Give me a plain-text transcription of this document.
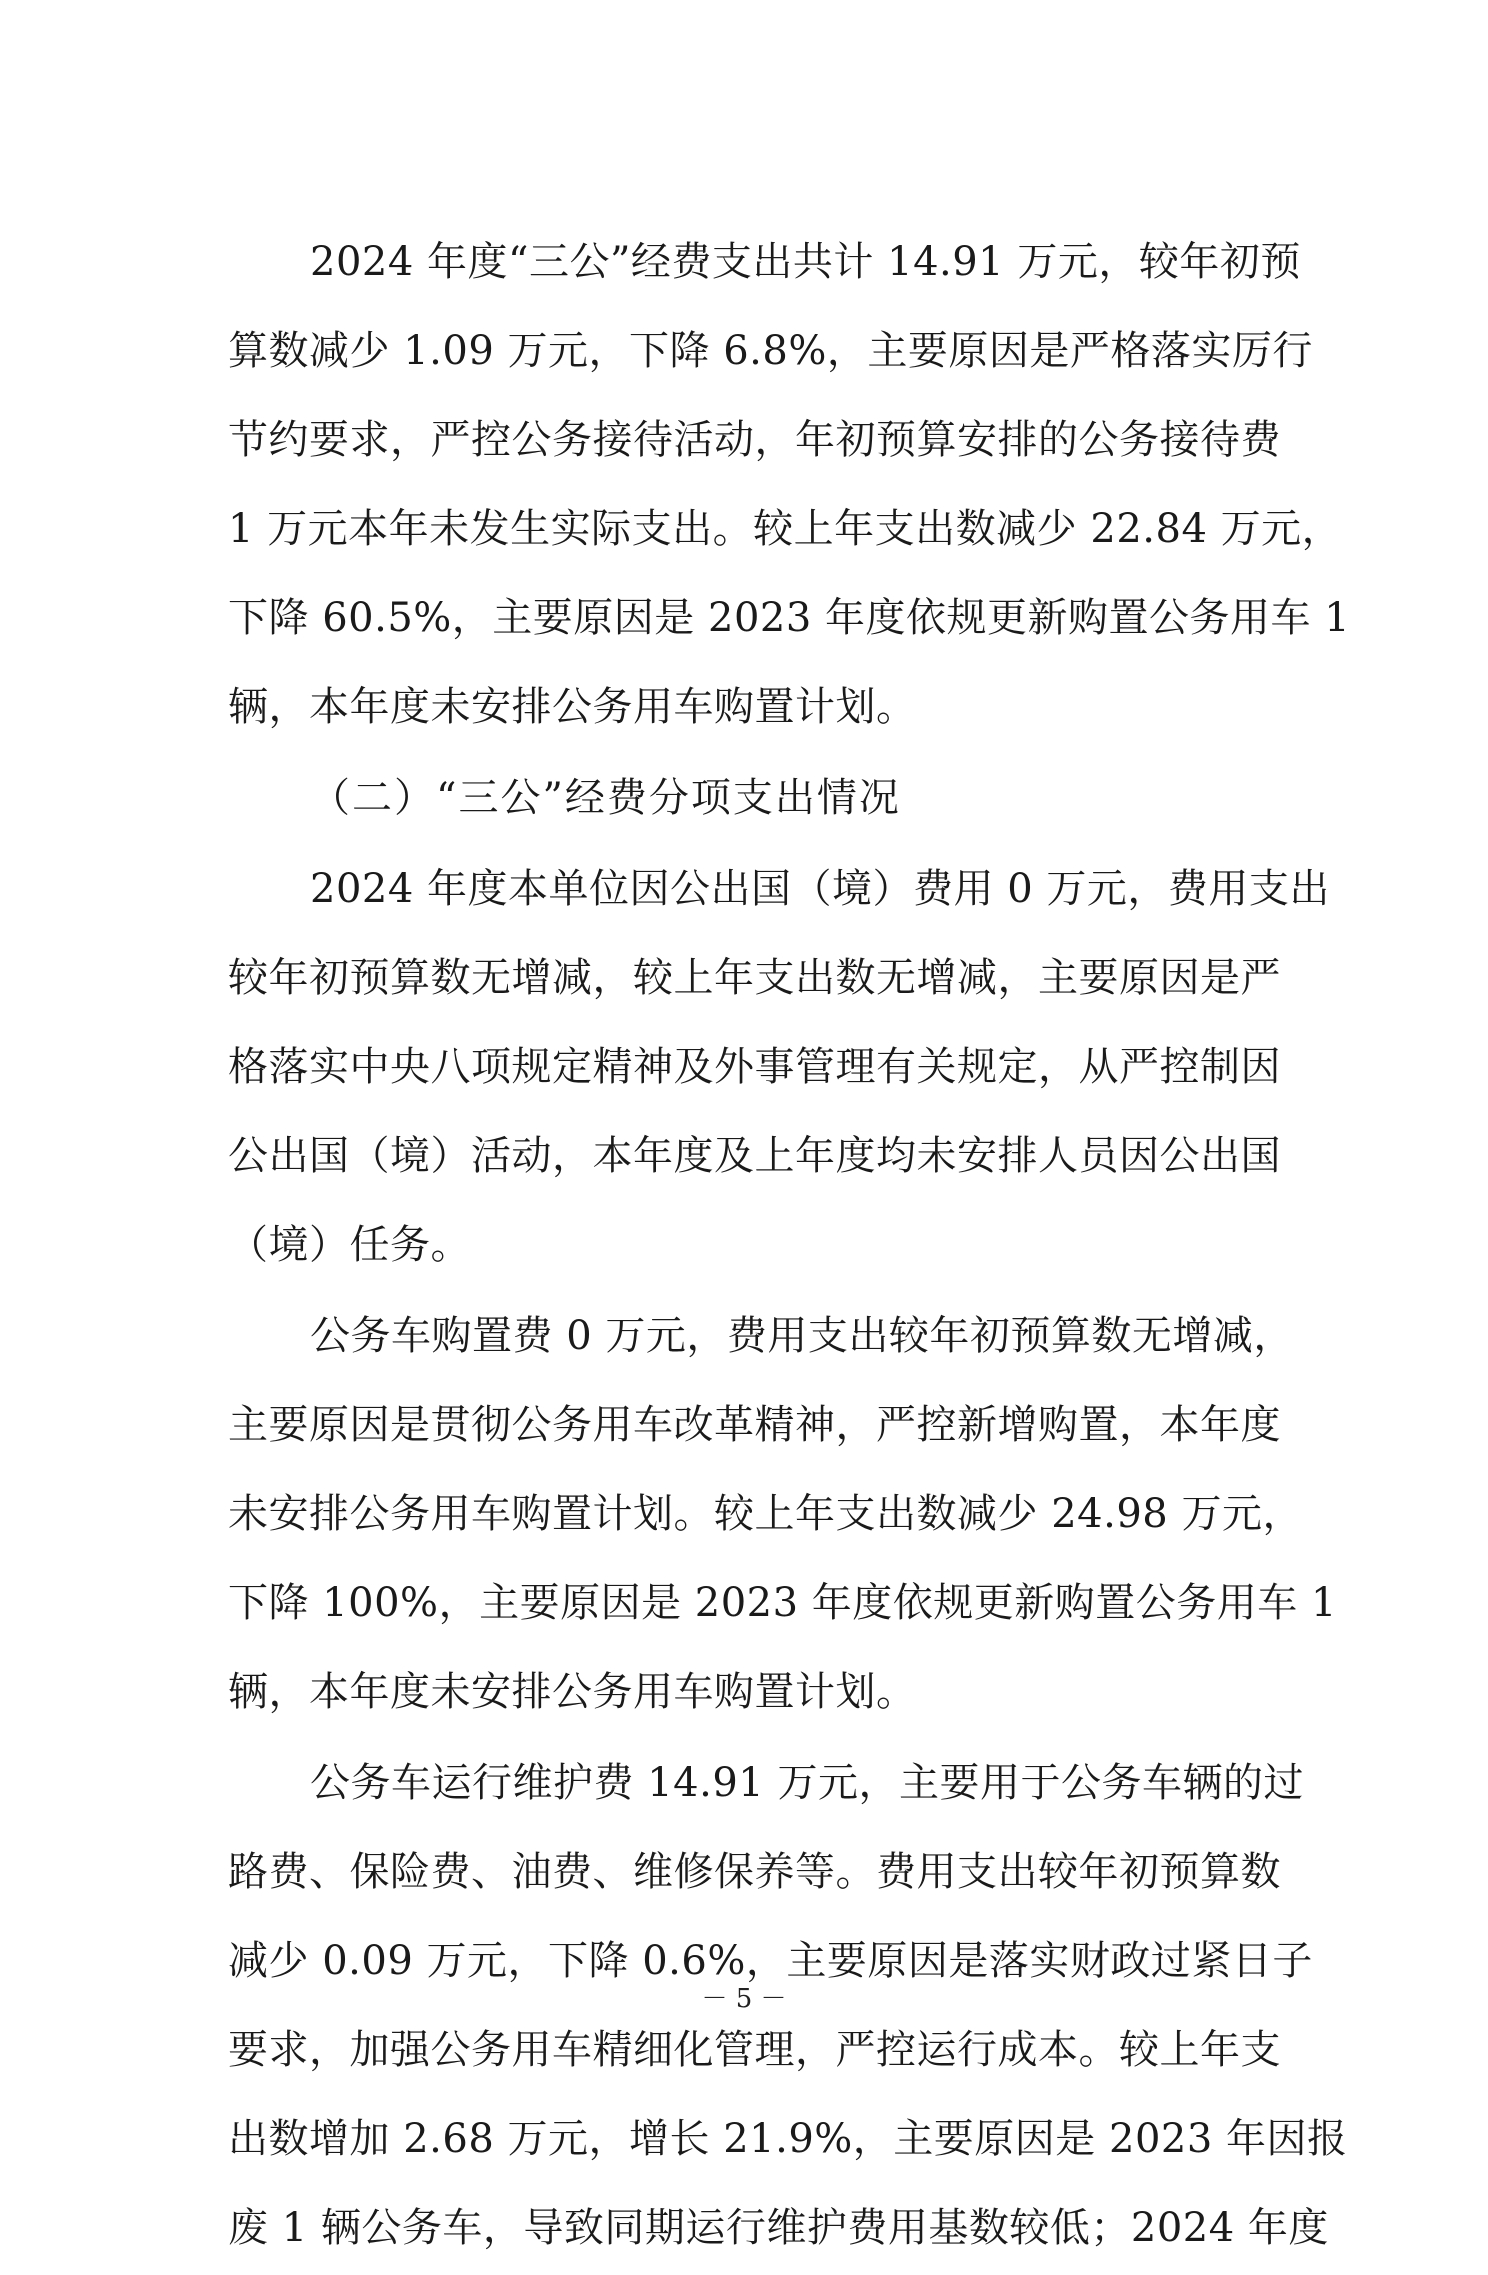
2024 年度“三公”经费支出共计 14.91 万元，较年初预
算数减少 1.09 万元，下降 6.8%，主要原因是严格落实厉行
节约要求，严控公务接待活动，年初预算安排的公务接待费
1 万元本年未发生实际支出。较上年支出数减少 22.84 万元，
下降 60.5%，主要原因是 2023 年度依规更新购置公务用车 1
辆，本年度未安排公务用车购置计划。
（二）“三公”经费分项支出情况
2024 年度本单位因公出国（境）费用 0 万元，费用支出
较年初预算数无增减，较上年支出数无增减，主要原因是严
格落实中央八项规定精神及外事管理有关规定，从严控制因
公出国（境）活动，本年度及上年度均未安排人员因公出国
（境）任务。
公务车购置费 0 万元，费用支出较年初预算数无增减，
主要原因是贯彻公务用车改革精神，严控新增购置，本年度
未安排公务用车购置计划。较上年支出数减少 24.98 万元，
下降 100%，主要原因是 2023 年度依规更新购置公务用车 1
辆，本年度未安排公务用车购置计划。
公务车运行维护费 14.91 万元，主要用于公务车辆的过
路费、保险费、油费、维修保养等。费用支出较年初预算数
减少 0.09 万元，下降 0.6%，主要原因是落实财政过紧日子
要求，加强公务用车精细化管理，严控运行成本。较上年支
出数增加 2.68 万元，增长 21.9%，主要原因是 2023 年因报
废 1 辆公务车，导致同期运行维护费用基数较低；2024 年度
－ 5 －
